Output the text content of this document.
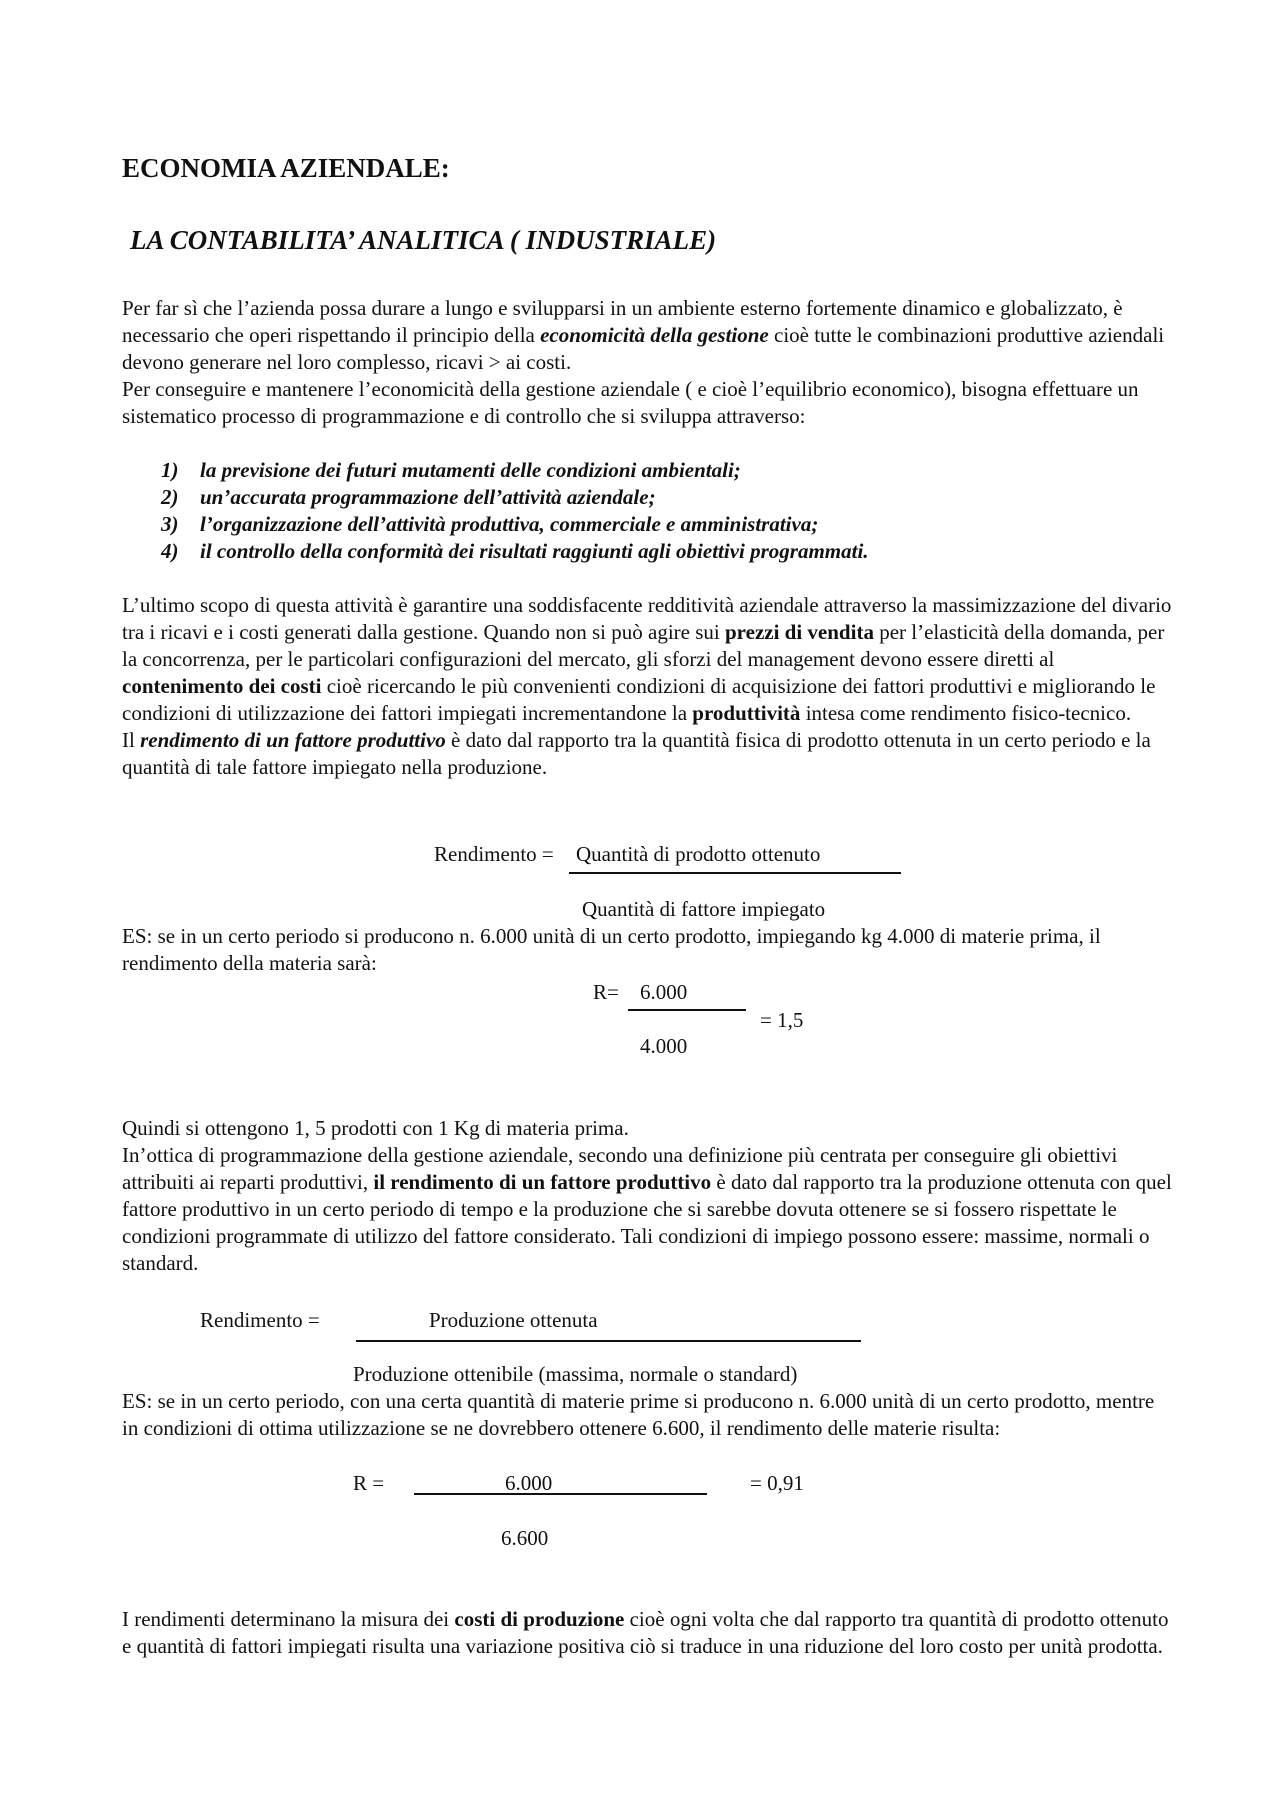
ECONOMIA AZIENDALE:
LA CONTABILITA’ ANALITICA ( INDUSTRIALE)

Per far sì che l’azienda possa durare a lungo e svilupparsi in un ambiente esterno fortemente dinamico e globalizzato, è necessario che operi rispettando il principio della economicità della gestione cioè tutte le combinazioni produttive aziendali devono generare nel loro complesso, ricavi > ai costi.

Per conseguire e mantenere l’economicità della gestione aziendale ( e cioè l’equilibrio economico), bisogna effettuare un sistematico processo di programmazione e di controllo che si sviluppa attraverso:

1) la previsione dei futuri mutamenti delle condizioni ambientali;
2) un’accurata programmazione dell’attività aziendale;
3) l’organizzazione dell’attività produttiva, commerciale e amministrativa;
4) il controllo della conformità dei risultati raggiunti agli obiettivi programmati.

L’ultimo scopo di questa attività è garantire una soddisfacente redditività aziendale attraverso la massimizzazione del divario tra i ricavi e i costi generati dalla gestione. Quando non si può agire sui prezzi di vendita per l’elasticità della domanda, per la concorrenza, per le particolari configurazioni del mercato, gli sforzi del management devono essere diretti al contenimento dei costi cioè ricercando le più convenienti condizioni di acquisizione dei fattori produttivi e migliorando le condizioni di utilizzazione dei fattori impiegati incrementandone la produttività intesa come rendimento fisico-tecnico.

Il rendimento di un fattore produttivo è dato dal rapporto tra la quantità fisica di prodotto ottenuta in un certo periodo e la quantità di tale fattore impiegato nella produzione.

Rendimento = Quantità di prodotto ottenuto
Quantità di fattore impiegato
ES: se in un certo periodo si producono n. 6.000 unità di un certo prodotto, impiegando kg 4.000 di materie prima, il rendimento della materia sarà:
R= 6.000
= 1,5
4.000

Quindi si ottengono 1, 5 prodotti con 1 Kg di materia prima.

In’ottica di programmazione della gestione aziendale, secondo una definizione più centrata per conseguire gli obiettivi attribuiti ai reparti produttivi, il rendimento di un fattore produttivo è dato dal rapporto tra la produzione ottenuta con quel fattore produttivo in un certo periodo di tempo e la produzione che si sarebbe dovuta ottenere se si fossero rispettate le condizioni programmate di utilizzo del fattore considerato. Tali condizioni di impiego possono essere: massime, normali o standard.

Rendimento =	Produzione ottenuta
Produzione ottenibile (massima, normale o standard)
ES: se in un certo periodo, con una certa quantità di materie prime si producono n. 6.000 unità di un certo prodotto, mentre in condizioni di ottima utilizzazione se ne dovrebbero ottenere 6.600, il rendimento delle materie risulta:
R =	6.000	= 0,91
6.600
I rendimenti determinano la misura dei costi di produzione cioè ogni volta che dal rapporto tra quantità di prodotto ottenuto e quantità di fattori impiegati risulta una variazione positiva ciò si traduce in una riduzione del loro costo per unità prodotta.
